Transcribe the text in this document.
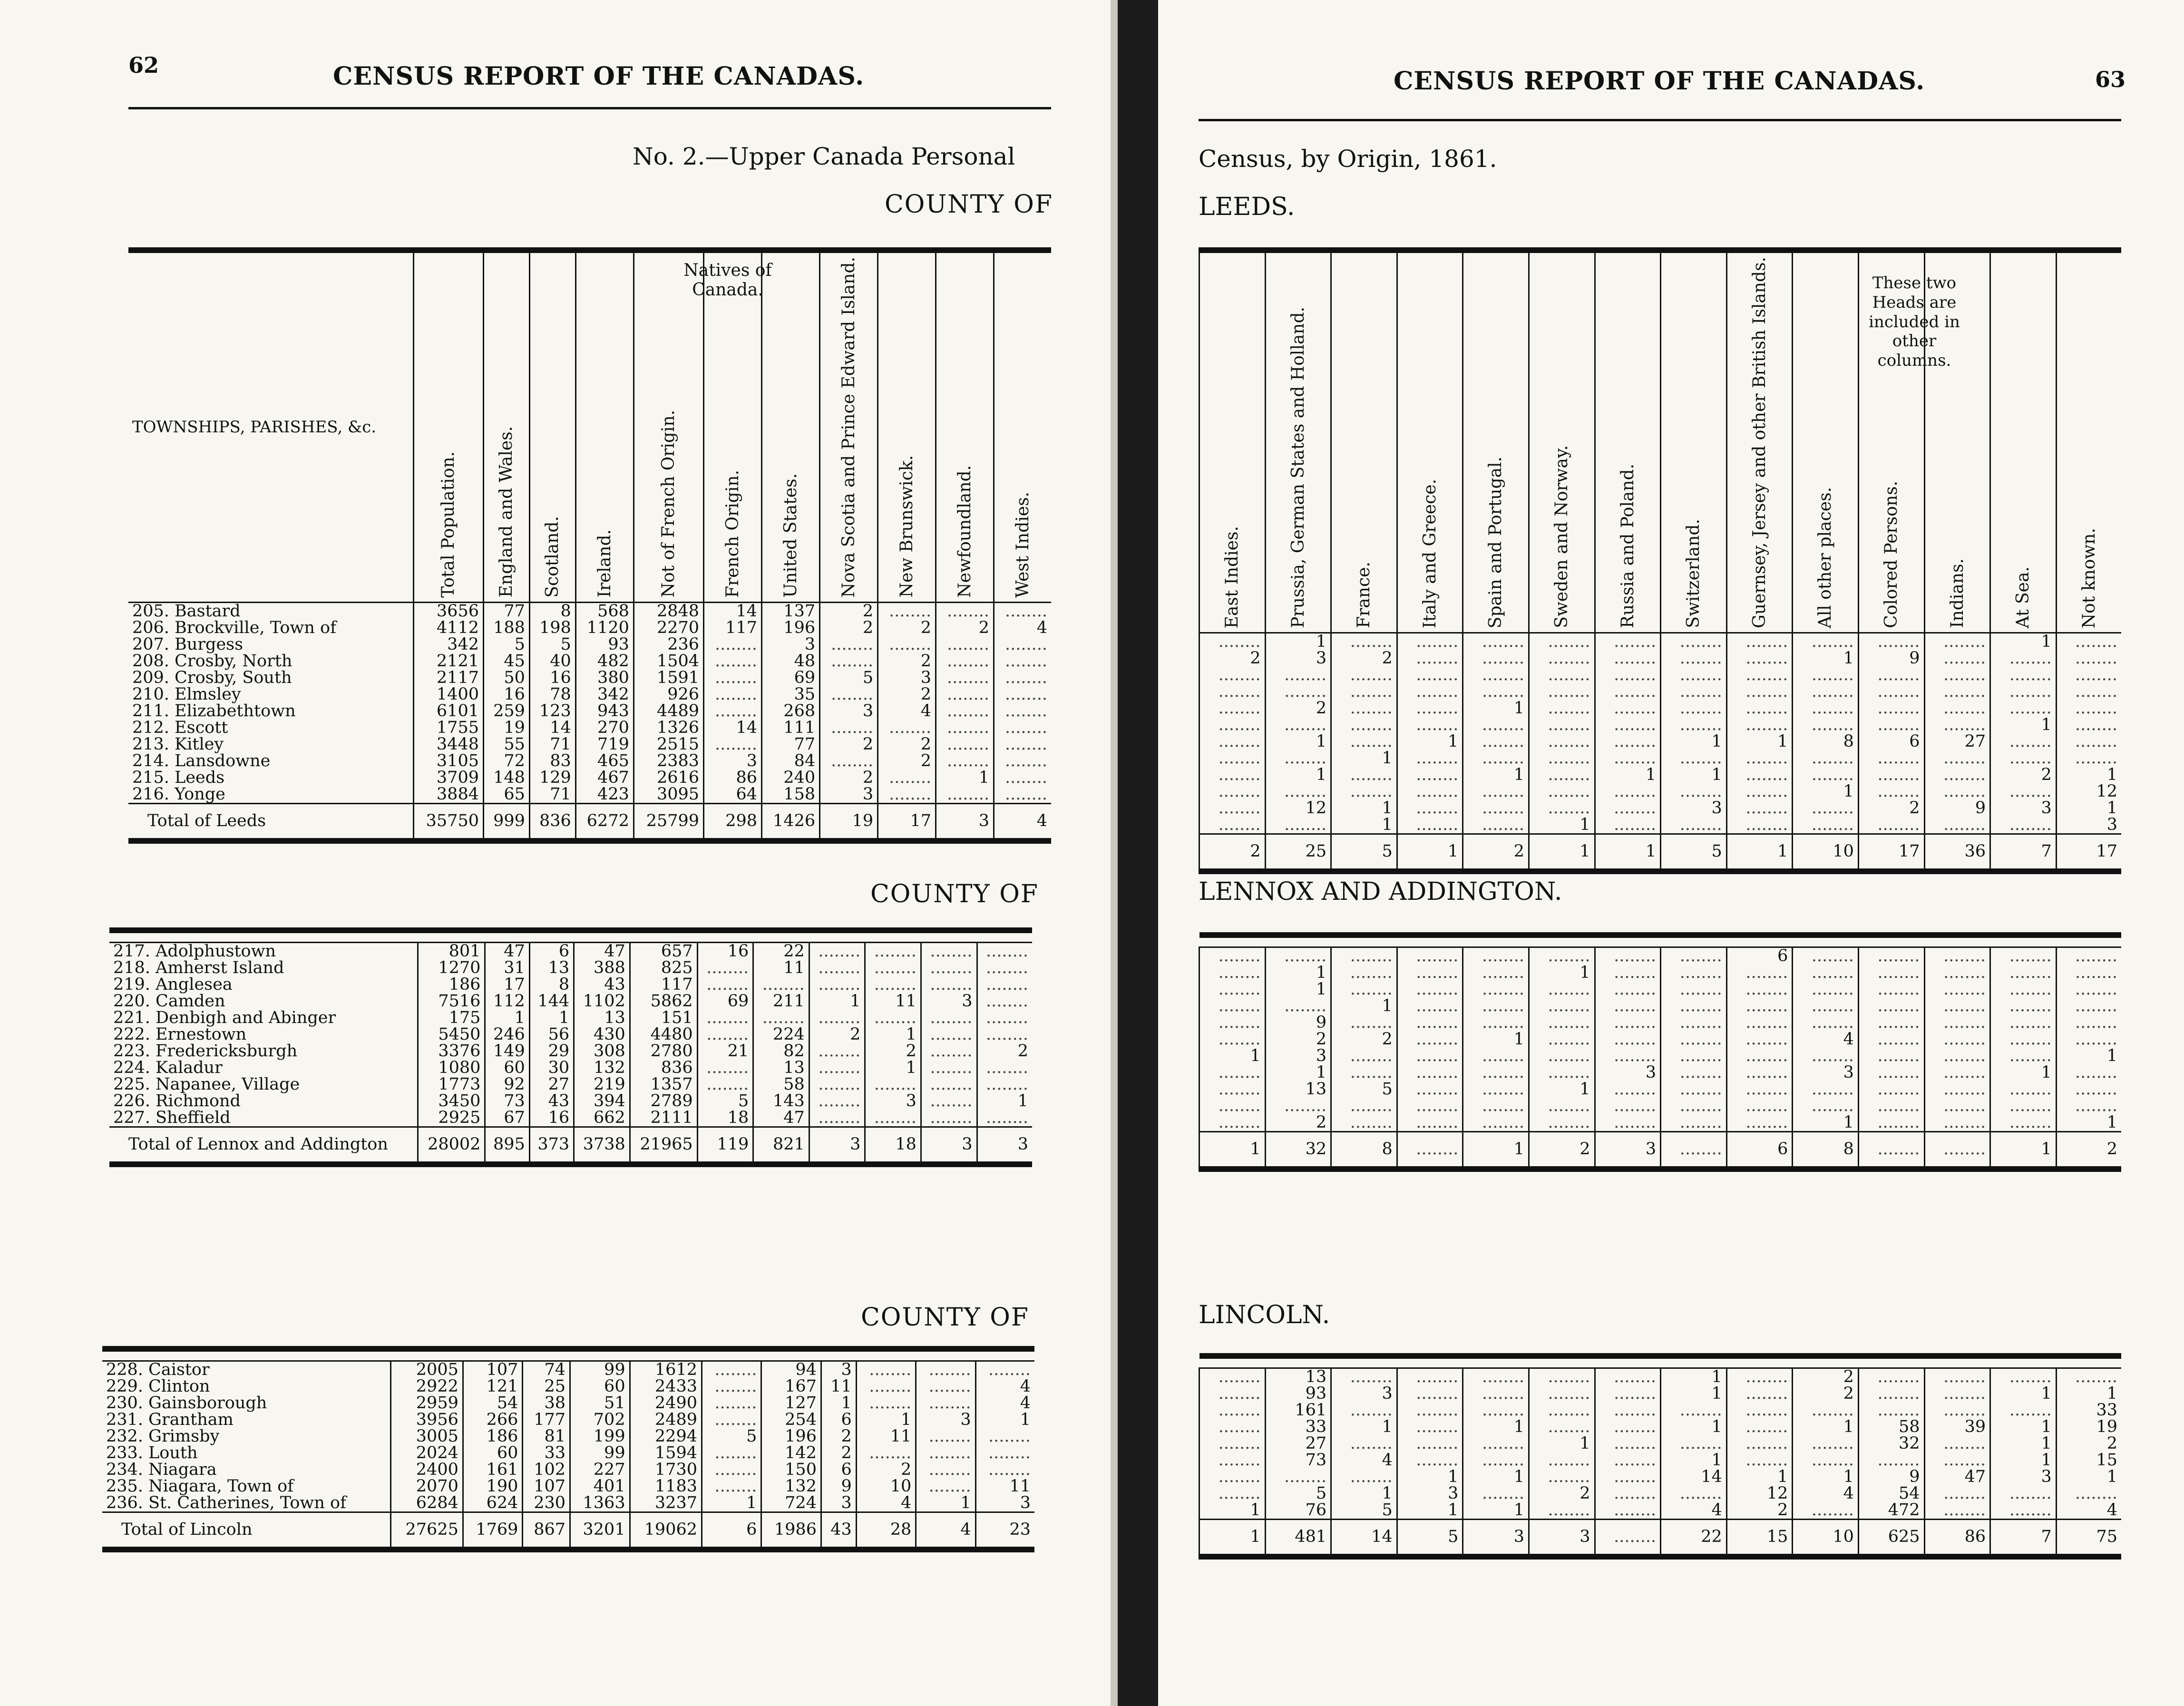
62	CENSUS REPORT OF THE CANADAS.
No. 2.—Upper Canada Personal
COUNTY OF
TOWNSHIPS, PARISHES, &c.	Total Population.	England and Wales.	Scotland.	Ireland.	Not of French Origin.	French Origin.	United States.	Nova Scotia and Prince Edward Island.	New Brunswick.	Newfoundland.	West Indies.

205. Bastard	3656	77	8	568	2848	14	137	2	........	........	........
206. Brockville, Town of	4112	188	198	1120	2270	117	196	2	2	2	4
207. Burgess	342	5	5	93	236	........	3	........	........	........	........
208. Crosby, North	2121	45	40	482	1504	........	48	........	2	........	........
209. Crosby, South	2117	50	16	380	1591	........	69	5	3	........	........
210. Elmsley	1400	16	78	342	926	........	35	........	2	........	........
211. Elizabethtown	6101	259	123	943	4489	........	268	3	4	........	........
212. Escott	1755	19	14	270	1326	14	111	........	........	........	........
213. Kitley	3448	55	71	719	2515	........	77	2	2	........	........
214. Lansdowne	3105	72	83	465	2383	3	84	........	2	........	........
215. Leeds	3709	148	129	467	2616	86	240	2	........	1	........
216. Yonge	3884	65	71	423	3095	64	158	3	........	........	........
Total of Leeds	35750	999	836	6272	25799	298	1426	19	17	3	4
COUNTY OF

217. Adolphustown	801	47	6	47	657	16	22	........	........	........	........
218. Amherst Island	1270	31	13	388	825	........	11	........	........	........	........
219. Anglesea	186	17	8	43	117	........	........	........	........	........	........
220. Camden	7516	112	144	1102	5862	69	211	1	11	3	........
221. Denbigh and Abinger	175	1	1	13	151	........	........	........	........	........	........
222. Ernestown	5450	246	56	430	4480	........	224	2	1	........	........
223. Fredericksburgh	3376	149	29	308	2780	21	82	........	2	........	2
224. Kaladur	1080	60	30	132	836	........	13	........	1	........	........
225. Napanee, Village	1773	92	27	219	1357	........	58	........	........	........	........
226. Richmond	3450	73	43	394	2789	5	143	........	3	........	1
227. Sheffield	2925	67	16	662	2111	18	47	........	........	........	........
Total of Lennox and Addington	28002	895	373	3738	21965	119	821	3	18	3	3
COUNTY OF

228. Caistor	2005	107	74	99	1612	........	94	3	........	........	........
229. Clinton	2922	121	25	60	2433	........	167	11	........	........	4
230. Gainsborough	2959	54	38	51	2490	........	127	1	........	........	4
231. Grantham	3956	266	177	702	2489	........	254	6	1	3	1
232. Grimsby	3005	186	81	199	2294	5	196	2	11	........	........
233. Louth	2024	60	33	99	1594	........	142	2	........	........	........
234. Niagara	2400	161	102	227	1730	........	150	6	2	........	........
235. Niagara, Town of	2070	190	107	401	1183	........	132	9	10	........	11
236. St. Catherines, Town of	6284	624	230	1363	3237	1	724	3	4	1	3
Total of Lincoln	27625	1769	867	3201	19062	6	1986	43	28	4	23
CENSUS REPORT OF THE CANADAS.	63
Census, by Origin, 1861.
LEEDS.
East Indies.	Prussia, German States and Holland.	France.	Italy and Greece.	Spain and Portugal.	Sweden and Norway.	Russia and Poland.	Switzerland.	Guernsey, Jersey and other British Islands.	All other places.	Colored Persons.	Indians.	At Sea.	Not known.

........	1	........	........	........	........	........	........	........	........	........	........	1	........
2	3	2	........	........	........	........	........	........	1	9	........	........	........
........	........	........	........	........	........	........	........	........	........	........	........	........	........
........	........	........	........	........	........	........	........	........	........	........	........	........	........
........	2	........	........	1	........	........	........	........	........	........	........	........	........
........	........	........	........	........	........	........	........	........	........	........	........	1	........
........	1	........	1	........	........	........	1	1	8	6	27	........	........
........	........	1	........	........	........	........	........	........	........	........	........	........	........
........	1	........	........	1	........	1	1	........	........	........	........	2	1
........	........	........	........	........	........	........	........	........	1	........	........	........	12
........	12	1	........	........	........	........	3	........	........	2	9	3	1
........	........	1	........	........	1	........	........	........	........	........	........	........	3
2	25	5	1	2	1	1	5	1	10	17	36	7	17
LENNOX AND ADDINGTON.

........	........	........	........	........	........	........	........	6	........	........	........	........	........
........	1	........	........	........	1	........	........	........	........	........	........	........	........
........	1	........	........	........	........	........	........	........	........	........	........	........	........
........	........	1	........	........	........	........	........	........	........	........	........	........	........
........	9	........	........	........	........	........	........	........	........	........	........	........	........
........	2	2	........	1	........	........	........	........	4	........	........	........	........
1	3	........	........	........	........	........	........	........	........	........	........	........	1
........	1	........	........	........	........	3	........	........	3	........	........	1	........
........	13	5	........	........	1	........	........	........	........	........	........	........	........
........	........	........	........	........	........	........	........	........	........	........	........	........	........
........	2	........	........	........	........	........	........	........	1	........	........	........	1
1	32	8	........	1	2	3	........	6	8	........	........	1	2
LINCOLN.

........	13	........	........	........	........	........	1	........	2	........	........	........	........
........	93	3	........	........	........	........	1	........	2	........	........	1	1
........	161	........	........	........	........	........	........	........	........	........	........	........	33
........	33	1	........	1	........	........	1	........	1	58	39	1	19
........	27	........	........	........	1	........	........	........	........	32	........	1	2
........	73	4	........	........	........	........	1	........	........	........	........	1	15
........	........	........	1	1	........	........	14	1	1	9	47	3	1
........	5	1	3	........	2	........	........	12	4	54	........	........	........
1	76	5	1	1	........	........	4	2	........	472	........	........	4
1	481	14	5	3	3	........	22	15	10	625	86	7	75
Natives of Canada.	These two Heads are included in other columns.
